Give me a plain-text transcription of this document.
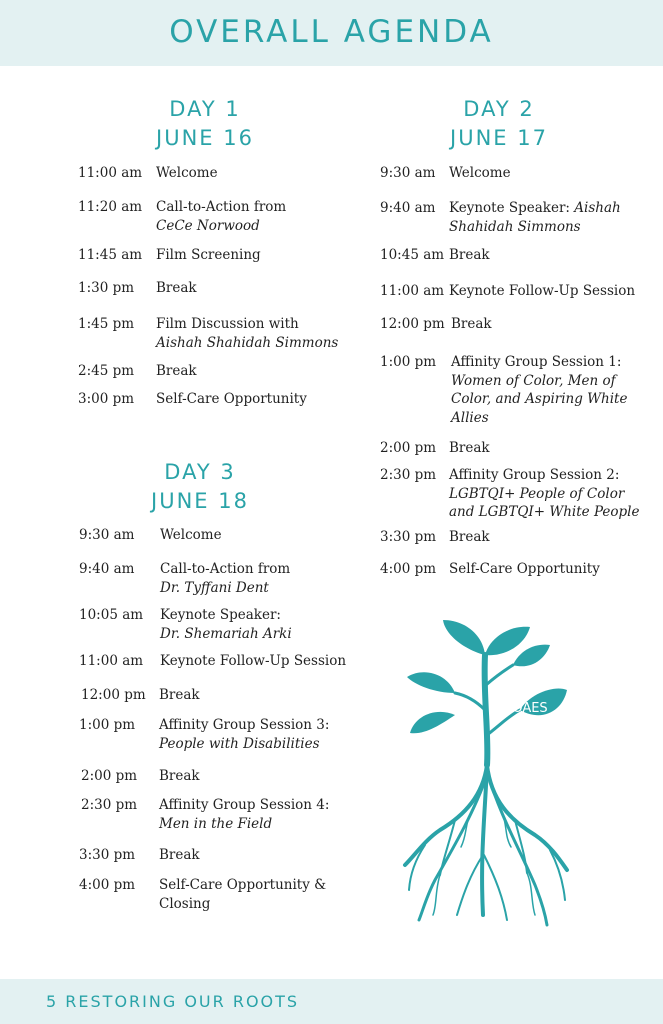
OVERALL AGENDA
DAY 1
JUNE 16
11:00 am Welcome
11:20 am Call-to-Action from
CeCe Norwood
11:45 am Film Screening
1:30 pm Break
1:45 pm Film Discussion with
Aishah Shahidah Simmons
2:45 pm Break
3:00 pm Self-Care Opportunity
DAY 2
JUNE 17
9:30 am Welcome
9:40 am Keynote Speaker: Aishah
Shahidah Simmons
10:45 am Break
11:00 am Keynote Follow-Up Session
12:00 pm Break
1:00 pm Affinity Group Session 1:
Women of Color, Men of
Color, and Aspiring White
Allies
2:00 pm Break
2:30 pm Affinity Group Session 2:
LGBTQI+ People of Color
and LGBTQI+ White People
3:30 pm Break
4:00 pm Self-Care Opportunity
DAY 3
JUNE 18
9:30 am Welcome
9:40 am Call-to-Action from
Dr. Tyffani Dent
10:05 am Keynote Speaker:
Dr. Shemariah Arki
11:00 am Keynote Follow-Up Session
12:00 pm Break
1:00 pm Affinity Group Session 3:
People with Disabilities
2:00 pm Break
2:30 pm Affinity Group Session 4:
Men in the Field
3:30 pm Break
4:00 pm Self-Care Opportunity &
Closing
OAES
5 RESTORING OUR ROOTS
